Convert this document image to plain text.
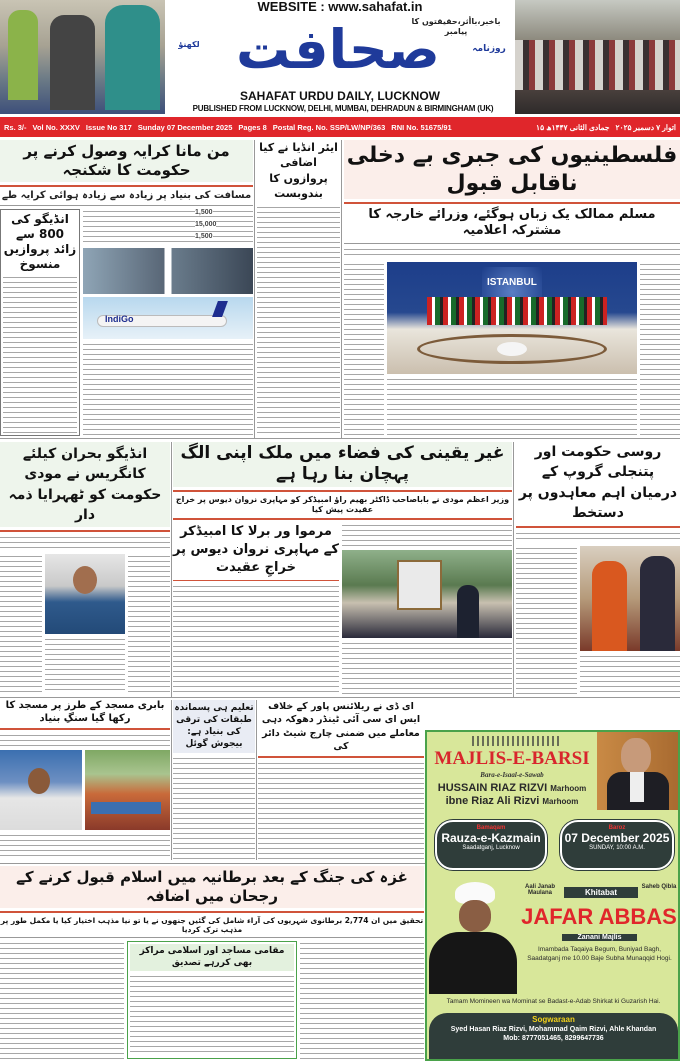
WEBSITE : www.sahafat.in
باخبر،باأثر،حقیقتوں کا پیامبر
روزنامہ
لکھنؤ صحافت
SAHAFAT URDU DAILY, LUCKNOW
PUBLISHED FROM LUCKNOW, DELHI, MUMBAI, DEHRADUN & BIRMINGHAM (UK)
Rs. 3/- Vol No. XXXV Issue No 317 Sunday 07 December 2025 Pages 8 Postal Reg. No. SSP/LW/NP/363 RNI No. 51675/91	۱۵ جمادی الثانی ۱۴۴۷ھ اتوار ۷ دسمبر ۲۰۲۵
فلسطینیوں کی جبری بے دخلی ناقابل قبول
مسلم ممالک یک زباں ہوگئے، وزرائے خارجہ کا مشترکہ اعلامیہ
ISTANBUL
من مانا کرایہ وصول کرنے پر حکومت کا شکنجہ
مسافت کی بنیاد پر زیادہ سے زیادہ ہوائی کرایہ طے
انڈیگو کی 800 سے زائد پروازیں منسوخ
1,500
15,000
1,500
IndiGo
ایئر انڈیا نے کیا اضافی پروازوں کا بندوبست
انڈیگو بحران کیلئے کانگریس نے مودی حکومت کو ٹھہرایا ذمہ دار
غیر یقینی کی فضاء میں ملک اپنی الگ پہچان بنا رہا ہے
وزیر اعظم مودی نے باباصاحب ڈاکٹر بھیم راؤ امبیڈکر کو مہاپری نروان دیوس پر خراج عقیدت پیش کیا
مرموا ور برلا کا امبیڈکر کے مہاپری نروان دیوس پر خراجِ عقیدت
روسی حکومت اور پتنجلی گروپ کے درمیان اہم معاہدوں پر دستخط
بابری مسجد کے طرز پر مسجد کا رکھا گیا سنگِ بنیاد
تعلیم ہی پسماندہ طبقات کی ترقی کی بنیاد ہے: بیجوش گوئل
ای ڈی نے ریلائنس پاور کے خلاف ایس ای سی آئی ٹینڈر دھوکہ دہی معاملے میں ضمنی چارج شیٹ دائر کی
غزہ کی جنگ کے بعد برطانیہ میں اسلام قبول کرنے کے رجحان میں اضافہ
تحقیق میں ان 2,774 برطانوی شہریوں کی آراء شامل کی گئیں جنھوں نے یا تو نیا مذہب اختیار کیا یا مکمل طور پر مذہب ترک کردیا
مقامی مساجد اور اسلامی مراکز بھی کررہے تصدیق
MAJLIS-E-BARSI
Bara-e-Isaal-e-Sawab
HUSSAIN RIAZ RIZVI Marhoom
ibne Riaz Ali Rizvi Marhoom
Bamaqam
Rauza-e-Kazmain
Saadatganj, Lucknow
Baroz
07 December 2025
SUNDAY, 10:00 A.M.
Aali Janab Maulana	Khitabat
Saheb Qibla
JAFAR ABBAS
Zanani Majlis
Imambada Taqaiya Begum, Buniyad Bagh, Saadatganj me 10.00 Baje Subha Munaqqid Hogi.
Tamam Momineen wa Mominat se Badast-e-Adab Shirkat ki Guzarish Hai.
Sogwaraan
Syed Hasan Riaz Rizvi, Mohammad Qaim Rizvi, Ahle Khandan
Mob: 8777051465, 8299647736
